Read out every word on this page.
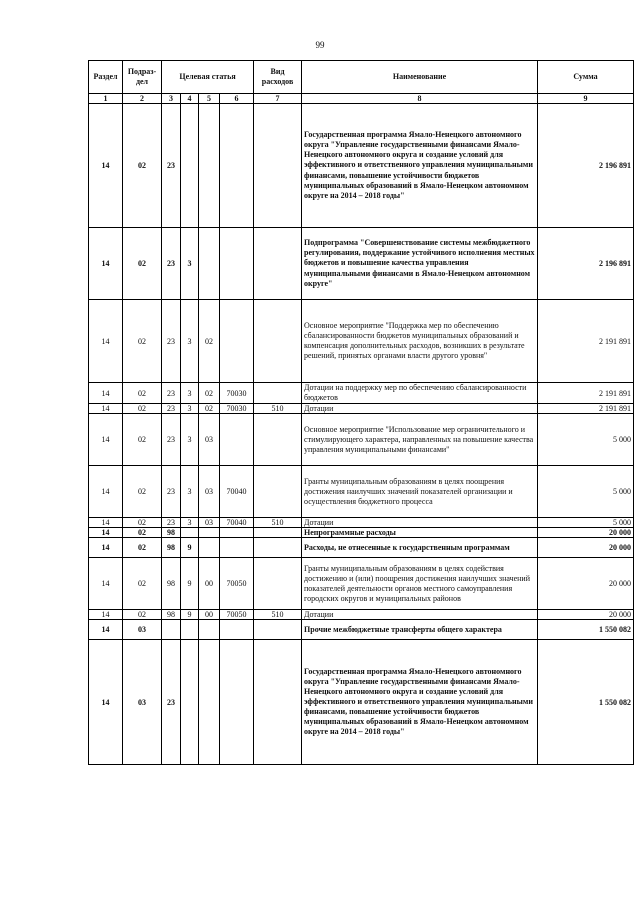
99
Раздел	Подраз-дел	Целевая статья				Вид расходов	Наименование	Сумма
1	2	3	4	5	6	7	8	9
14	02	23					Государственная программа Ямало-Ненецкого автономного округа "Управление государственными финансами Ямало-Ненецкого автономного округа и создание условий для эффективного и ответственного управления муниципальными финансами, повышение устойчивости бюджетов муниципальных образований в Ямало-Ненецком автономном округе на 2014 – 2018 годы"	2 196 891
14	02	23	3				Подпрограмма "Совершенствование системы межбюджетного регулирования, поддержание устойчивого исполнения местных бюджетов и повышение качества управления муниципальными финансами в Ямало-Ненецком автономном округе"	2 196 891
14	02	23	3	02			Основное мероприятие "Поддержка мер по обеспечению сбалансированности бюджетов муниципальных образований и компенсация дополнительных расходов, возникших в результате решений, принятых органами власти другого уровня"	2 191 891
14	02	23	3	02	70030		Дотации на поддержку мер по обеспечению сбалансированности бюджетов	2 191 891
14	02	23	3	02	70030	510	Дотации	2 191 891
14	02	23	3	03			Основное мероприятие "Использование мер ограничительного и стимулирующего характера, направленных на повышение качества управления муниципальными финансами"	5 000
14	02	23	3	03	70040		Гранты муниципальным образованиям в целях поощрения достижения наилучших значений показателей организации и осуществления бюджетного процесса	5 000
14	02	23	3	03	70040	510	Дотации	5 000
14	02	98					Непрограммные расходы	20 000
14	02	98	9				Расходы, не отнесенные к государственным программам	20 000
14	02	98	9	00	70050		Гранты муниципальным образованиям в целях содействия достижению и (или) поощрения достижения наилучших значений показателей деятельности органов местного самоуправления городских округов и муниципальных районов	20 000
14	02	98	9	00	70050	510	Дотации	20 000
14	03						Прочие межбюджетные трансферты общего характера	1 550 082
14	03	23					Государственная программа Ямало-Ненецкого автономного округа "Управление государственными финансами Ямало-Ненецкого автономного округа и создание условий для эффективного и ответственного управления муниципальными финансами, повышение устойчивости бюджетов муниципальных образований в Ямало-Ненецком автономном округе на 2014 – 2018 годы"	1 550 082
